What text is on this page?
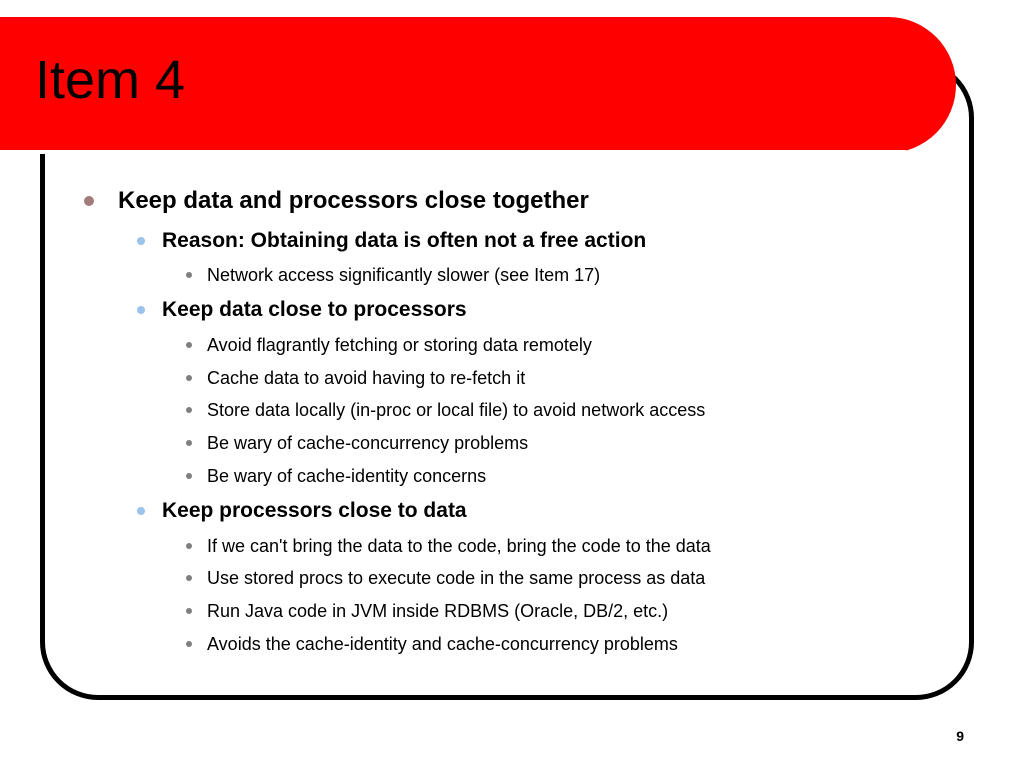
Item 4
Keep data and processors close together
Reason: Obtaining data is often not a free action
Network access significantly slower (see Item 17)
Keep data close to processors
Avoid flagrantly fetching or storing data remotely
Cache data to avoid having to re-fetch it
Store data locally (in-proc or local file) to avoid network access
Be wary of cache-concurrency problems
Be wary of cache-identity concerns
Keep processors close to data
If we can't bring the data to the code, bring the code to the data
Use stored procs to execute code in the same process as data
Run Java code in JVM inside RDBMS (Oracle, DB/2, etc.)
Avoids the cache-identity and cache-concurrency problems
9
